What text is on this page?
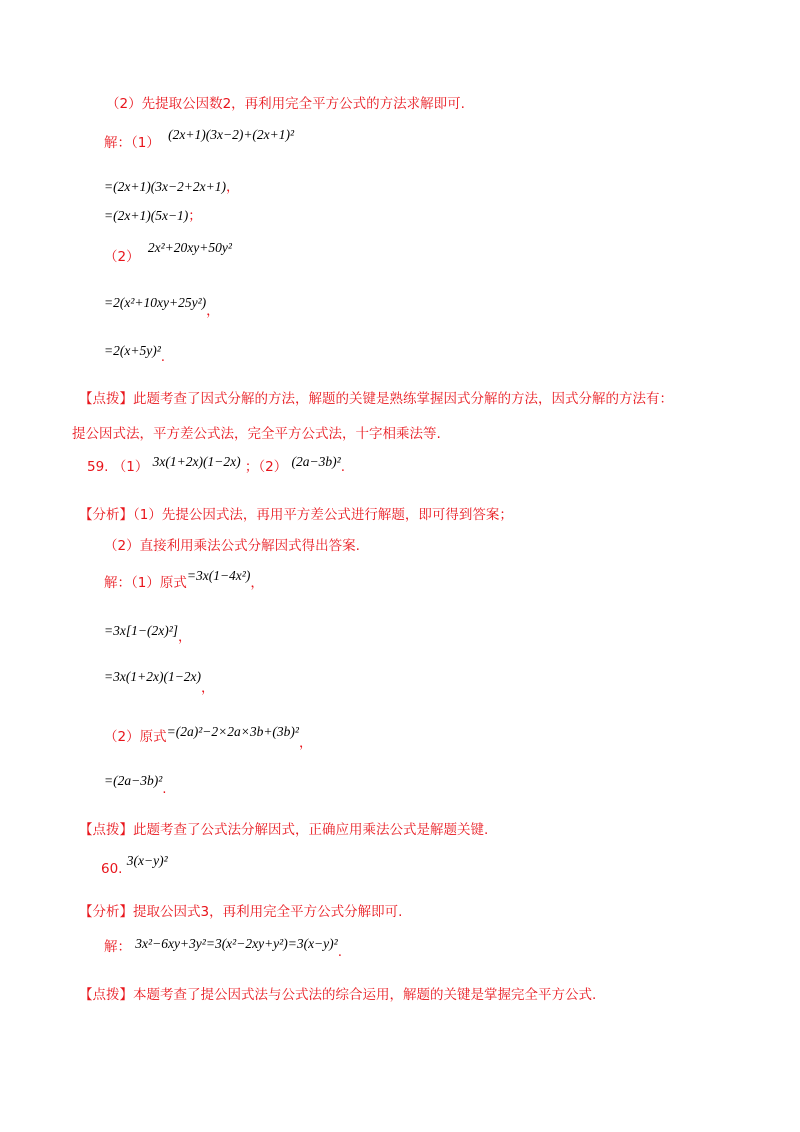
（2）先提取公因数2，再利用完全平方公式的方法求解即可.
解：（1） (2x+1)(3x−2)+(2x+1)²
=(2x+1)(3x−2+2x+1)，
=(2x+1)(5x−1)；
（2） 2x²+20xy+50y²
=2(x²+10xy+25y²)，
=2(x+5y)².
【点拨】此题考查了因式分解的方法，解题的关键是熟练掌握因式分解的方法，因式分解的方法有：
提公因式法，平方差公式法，完全平方公式法，十字相乘法等.
59. （1） 3x(1+2x)(1−2x) ；（2） (2a−3b)².
【分析】（1）先提公因式法，再用平方差公式进行解题，即可得到答案；
（2）直接利用乘法公式分解因式得出答案.
解：（1）原式=3x(1−4x²)，
=3x[1−(2x)²]，
=3x(1+2x)(1−2x)，
（2）原式=(2a)²−2×2a×3b+(3b)²，
=(2a−3b)².
【点拨】此题考查了公式法分解因式，正确应用乘法公式是解题关键.
60. 3(x−y)²
【分析】提取公因式3，再利用完全平方公式分解即可.
解： 3x²−6xy+3y²=3(x²−2xy+y²)=3(x−y)².
【点拨】本题考查了提公因式法与公式法的综合运用，解题的关键是掌握完全平方公式.
